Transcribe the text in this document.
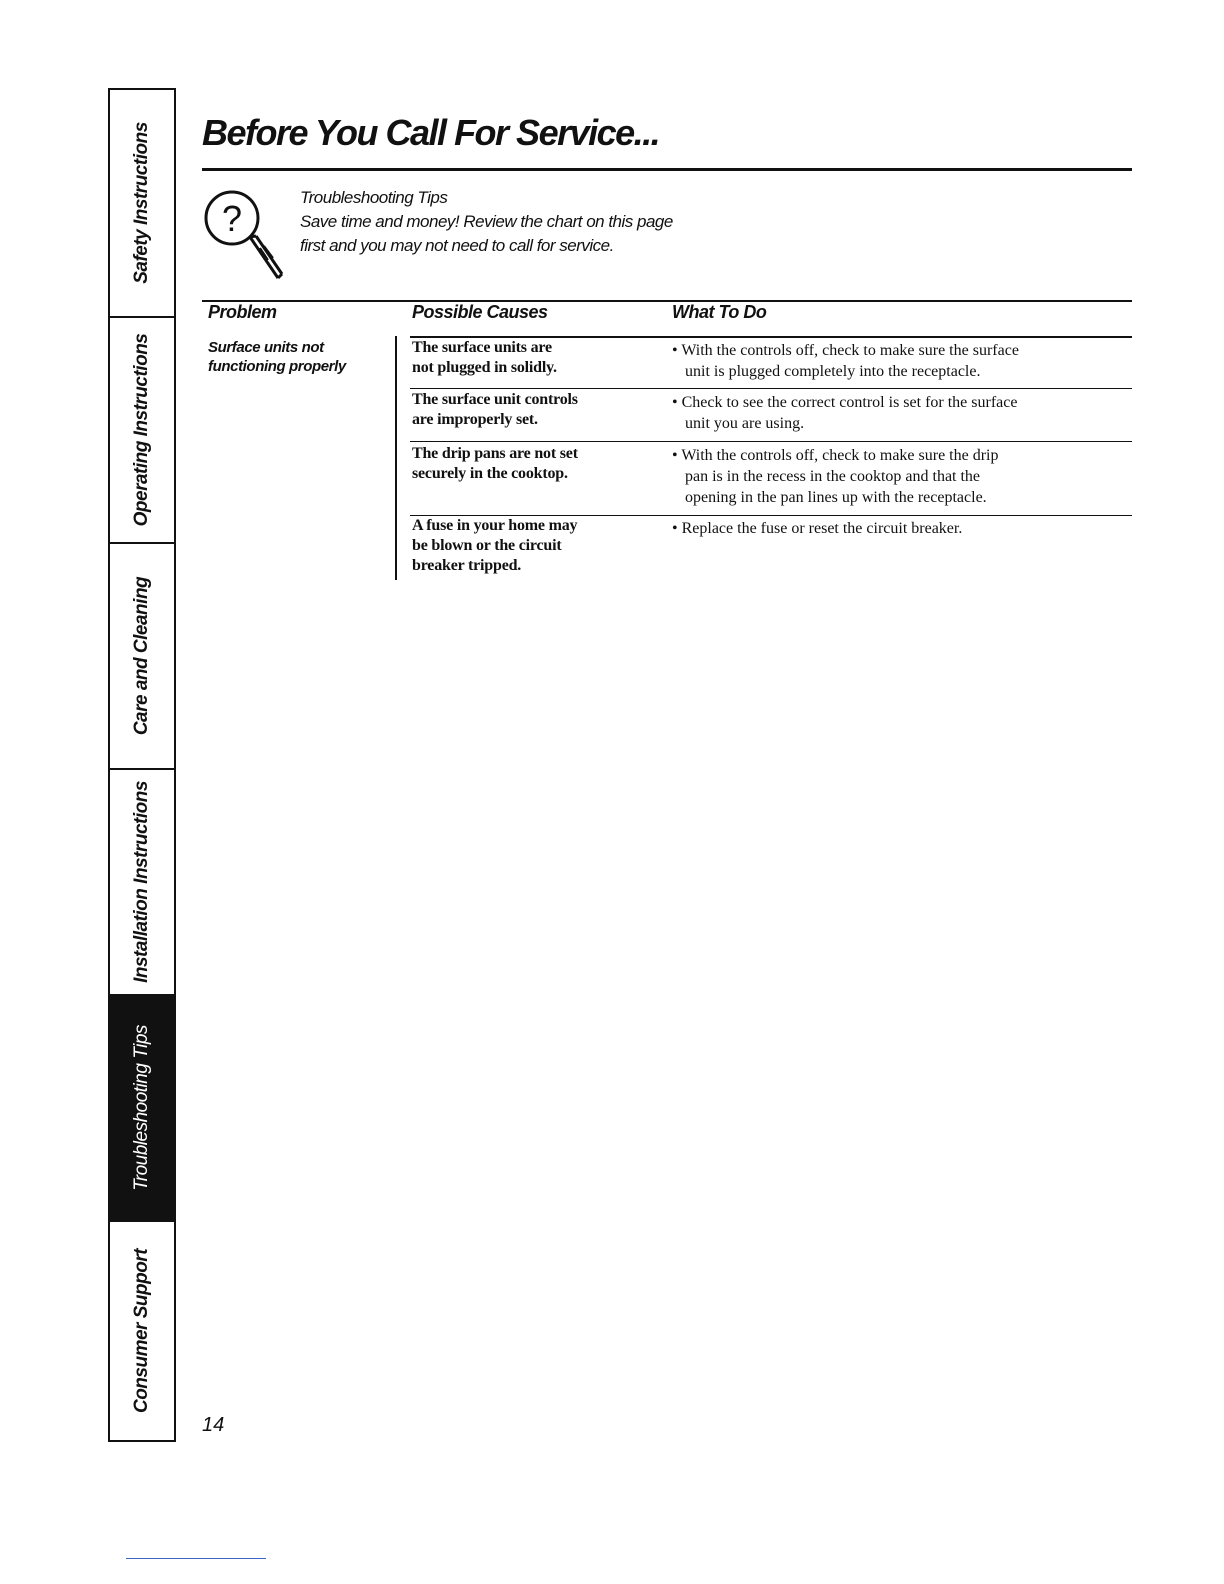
Safety Instructions
Operating Instructions
Care and Cleaning
Installation Instructions
Troubleshooting Tips
Consumer Support
Before You Call For Service...
?
Troubleshooting Tips
Save time and money! Review the chart on this page
first and you may not need to call for service.
Problem	Possible Causes	What To Do
Surface units not
functioning properly
The surface units are
not plugged in solidly.
• With the controls off, check to make sure the surface
unit is plugged completely into the receptacle.
The surface unit controls
are improperly set.
• Check to see the correct control is set for the surface
unit you are using.
The drip pans are not set
securely in the cooktop.
• With the controls off, check to make sure the drip
pan is in the recess in the cooktop and that the
opening in the pan lines up with the receptacle.
A fuse in your home may
be blown or the circuit
breaker tripped.
• Replace the fuse or reset the circuit breaker.
14
